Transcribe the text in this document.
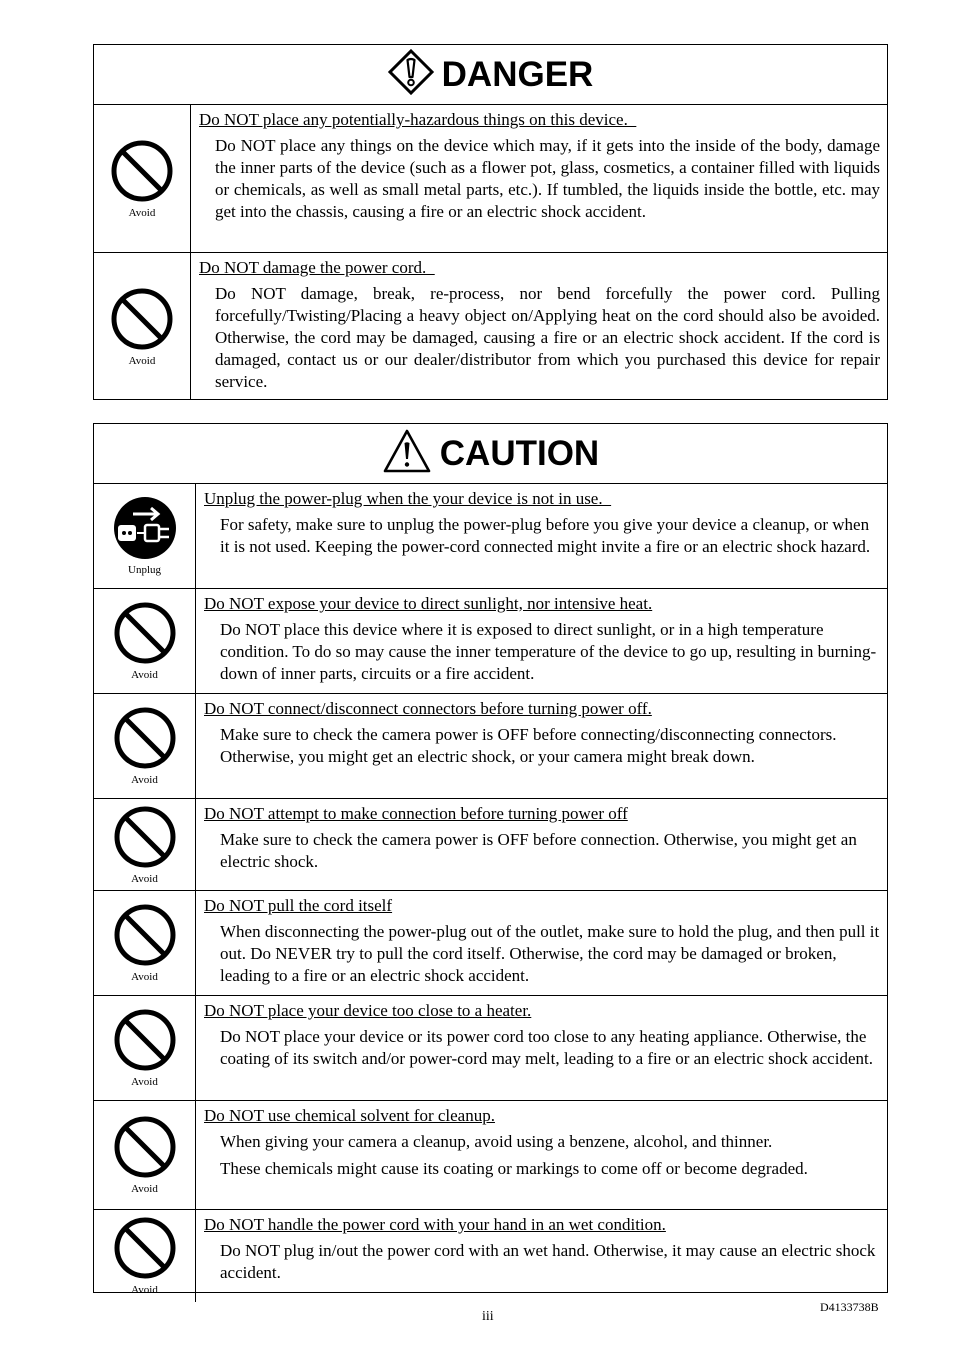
DANGER
Avoid
Do NOT place any potentially-hazardous things on this device.

Do NOT place any things on the device which may, if it gets into the inside of the body, damage the inner parts of the device (such as a flower pot, glass, cosmetics, a container filled with liquids or chemicals, as well as small metal parts, etc.). If tumbled, the liquids inside the bottle, etc. may get into the chassis, causing a fire or an electric shock accident.

Avoid
Do NOT damage the power cord.

Do NOT damage, break, re-process, nor bend forcefully the power cord. Pulling forcefully/Twisting/Placing a heavy object on/Applying heat on the cord should also be avoided. Otherwise, the cord may be damaged, causing a fire or an electric shock accident. If the cord is damaged, contact us or our dealer/distributor from which you purchased this device for repair service.

CAUTION
Unplug
Unplug the power-plug when the your device is not in use.

For safety, make sure to unplug the power-plug before you give your device a cleanup, or when it is not used. Keeping the power-cord connected might invite a fire or an electric shock hazard.

Avoid
Do NOT expose your device to direct sunlight, nor intensive heat.

Do NOT place this device where it is exposed to direct sunlight, or in a high temperature condition. To do so may cause the inner temperature of the device to go up, resulting in burning-down of inner parts, circuits or a fire accident.

Avoid
Do NOT connect/disconnect connectors before turning power off.

Make sure to check the camera power is OFF before connecting/disconnecting connectors. Otherwise, you might get an electric shock, or your camera might break down.

Avoid
Do NOT attempt to make connection before turning power off

Make sure to check the camera power is OFF before connection. Otherwise, you might get an electric shock.

Avoid
Do NOT pull the cord itself

When disconnecting the power-plug out of the outlet, make sure to hold the plug, and then pull it out. Do NEVER try to pull the cord itself. Otherwise, the cord may be damaged or broken, leading to a fire or an electric shock accident.

Avoid
Do NOT place your device too close to a heater.

Do NOT place your device or its power cord too close to any heating appliance. Otherwise, the coating of its switch and/or power-cord may melt, leading to a fire or an electric shock accident.

Avoid
Do NOT use chemical solvent for cleanup.

When giving your camera a cleanup, avoid using a benzene, alcohol, and thinner.

These chemicals might cause its coating or markings to come off or become degraded.

Avoid
Do NOT handle the power cord with your hand in an wet condition.

Do NOT plug in/out the power cord with an wet hand. Otherwise, it may cause an electric shock accident.

D4133738B
iii
